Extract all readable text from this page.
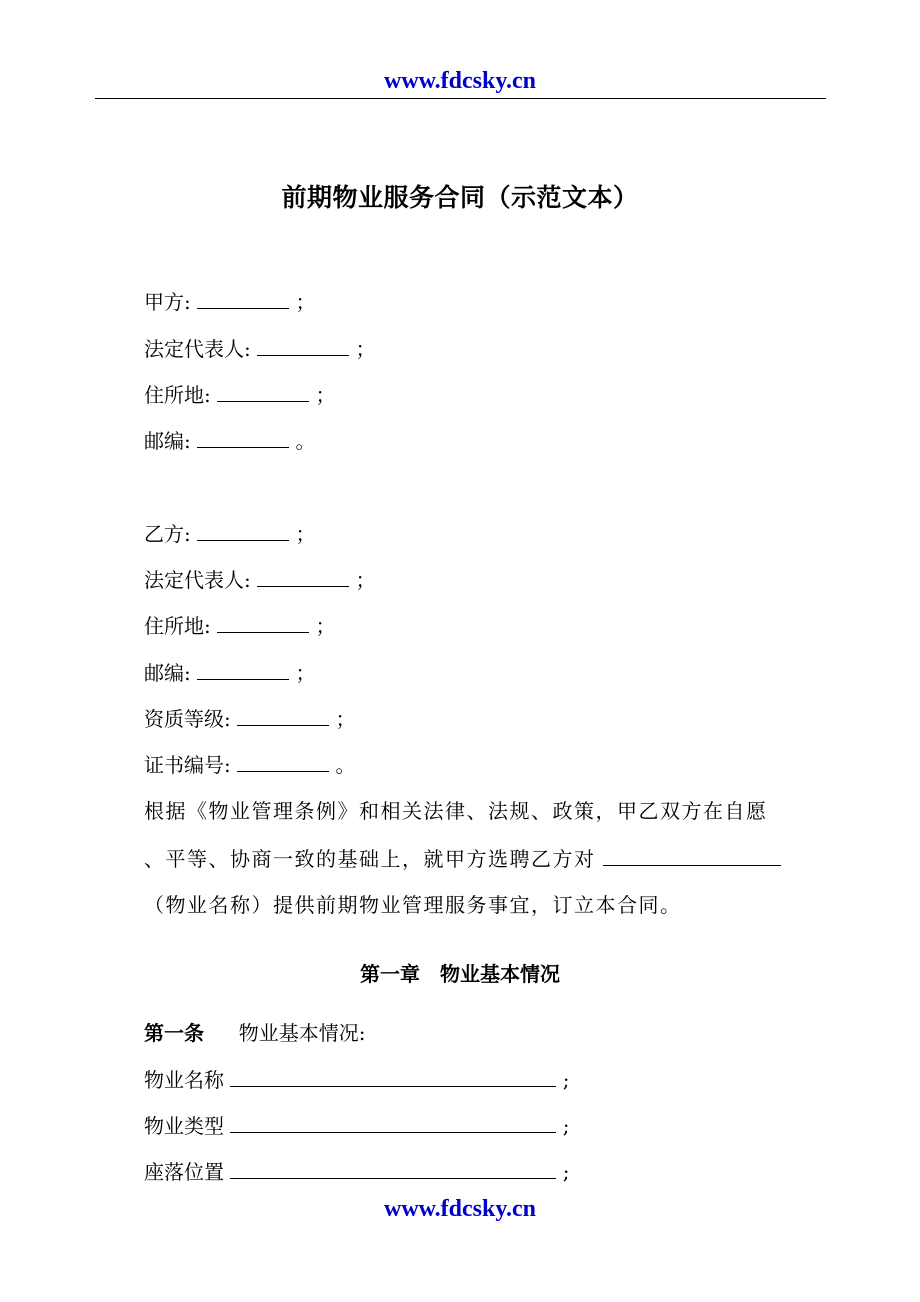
www.fdcsky.cn
前期物业服务合同（示范文本）
甲方:	；
法定代表人:	；
住所地:	；
邮编:	。
乙方:	；
法定代表人:	；
住所地:	；
邮编:	；
资质等级:	；
证书编号:	。
根据《物业管理条例》和相关法律、法规、政策，甲乙双方在自愿
、平等、协商一致的基础上，就甲方选聘乙方对
（物业名称）提供前期物业管理服务事宜，订立本合同。
第一章　物业基本情况
第一条 物业基本情况:
物业名称	;
物业类型	;
座落位置	;
www.fdcsky.cn
